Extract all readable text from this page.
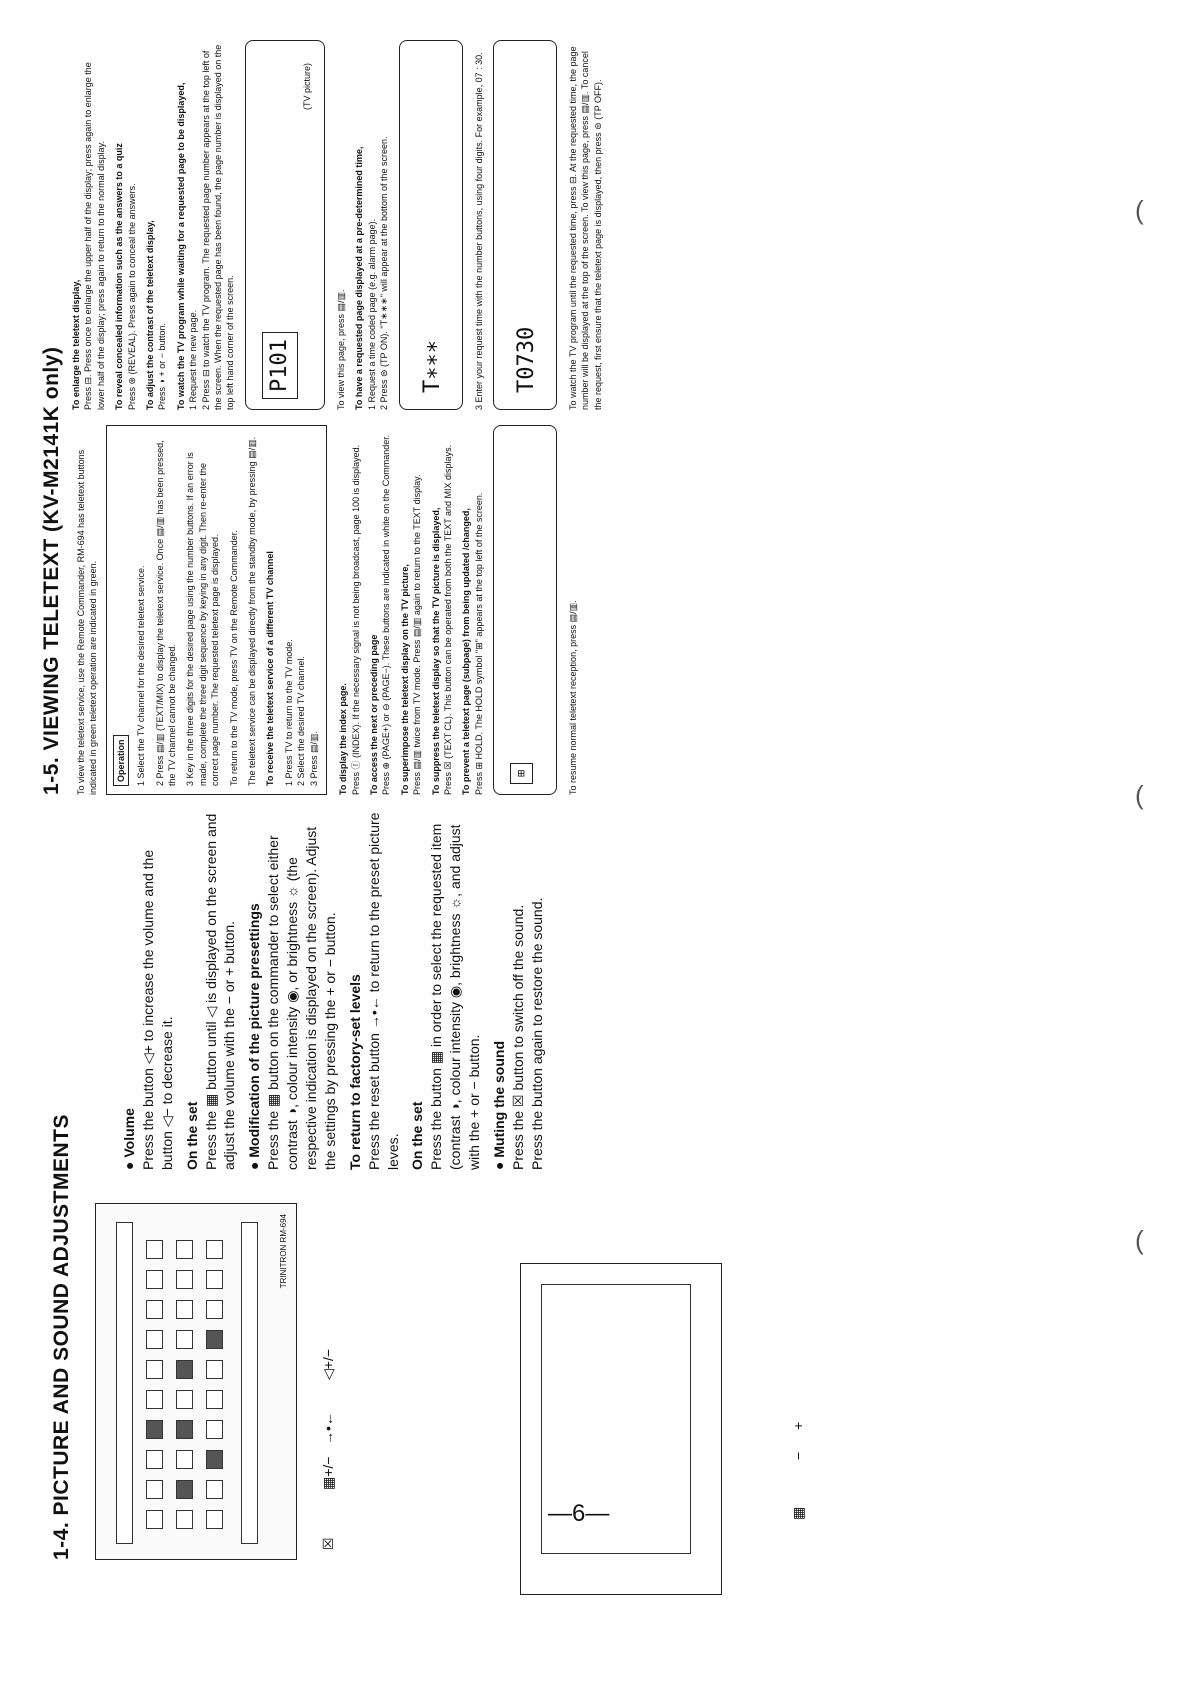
1-4. PICTURE AND SOUND ADJUSTMENTS	TRINITRON RM-694
☒
◁+/−
▦+/−
→•←
▦
−
+
● Volume Press the button ◁+ to increase the volume and the button ◁− to decrease it. On the set Press the ▦ button until ◁ is displayed on the screen and adjust the volume with the − or + button. ● Modification of the picture presettings Press the ▦ button on the commander to select either contrast ◑, colour intensity ◉, or brightness ☼ (the respective indication is displayed on the screen). Adjust the settings by pressing the + or − button. To return to factory-set levels Press the reset button →•← to return to the preset picture leves. On the set Press the button ▦ in order to select the requested item (contrast ◑, colour intensity ◉, brightness ☼, and adjust with the + or − button. ● Muting the sound Press the ☒ button to switch off the sound. Press the button again to restore the sound.
1-5. VIEWING TELETEXT (KV-M2141K only) To view the teletext service, use the Remote Commander, RM-694 has teletext buttons indicated in green teletext operation are indicated in green.	Operation 1 Select the TV channel for the desired teletext service. 2 Press ▤/▥ (TEXT/MIX) to display the teletext service. Once ▤/▥ has been pressed, the TV channel cannot be changed. 3 Key in the three digits for the desired page using the number buttons. If an error is made, complete the three digit sequence by keying in any digit. Then re-enter the correct page number. The requested teletext page is displayed. To return to the TV mode, press TV on the Remote Commander. The teletext service can be displayed directly from the standby mode, by pressing ▤/▥. To receive the teletext service of a different TV channel 1 Press TV to return to the TV mode. 2 Select the desired TV channel. 3 Press ▤/▥. To display the index page. Press Ⓘ (INDEX). If the necessary signal is not being broadcast, page 100 is displayed. To access the next or preceding page Press ⊕ (PAGE+) or ⊖ (PAGE−). These buttons are indicated in white on the Commander. To superimpose the teletext display on the TV picture, Press ▤/▥ twice from TV mode. Press ▤/▥ again to return to the TEXT display. To suppress the teletext display so that the TV picture is displayed, Press ☒ (TEXT CL). This button can be operated from both the TEXT and MIX displays. To prevent a teletext page (subpage) from being updated /changed, Press ⊞ HOLD. The HOLD symbol "⊞" appears at the top left of the screen.	⊞	To resume normal teletext reception, press ▤/▥.
To enlarge the teletext display, Press ⊟. Press once to enlarge the upper half of the display; press again to enlarge the lower half of the display; press again to return to the normal display. To reveal concealed information such as the answers to a quiz Press ⊛ (REVEAL). Press again to conceal the answers. To adjust the contrast of the teletext display, Press ◑ + or − button. To watch the TV program while waiting for a requested page to be displayed, 1 Request the new page. 2 Press ⊟ to watch the TV program. The requested page number appears at the top left of the screen. When the requested page has been found, the page number is displayed on the top left hand corner of the screen. P101
(TV picture)
To view this page, press ▤/▥. To have a requested page displayed at a pre-determined time, 1 Request a time coded page (e.g. alarm page). 2 Press ⊜ (TP ON). "T∗∗∗" will appear at the bottom of the screen. T∗∗∗	3 Enter your request time with the number buttons, using four digits. For example, 07 : 30. T0730	To watch the TV program until the requested time, press ⊟. At the requested time, the page number will be displayed at the top of the screen. To view this page, press ▤/▥. To cancel the request, first ensure that the teletext page is displayed, then press ⊜ (TP OFF).
—6—
(
(
(
